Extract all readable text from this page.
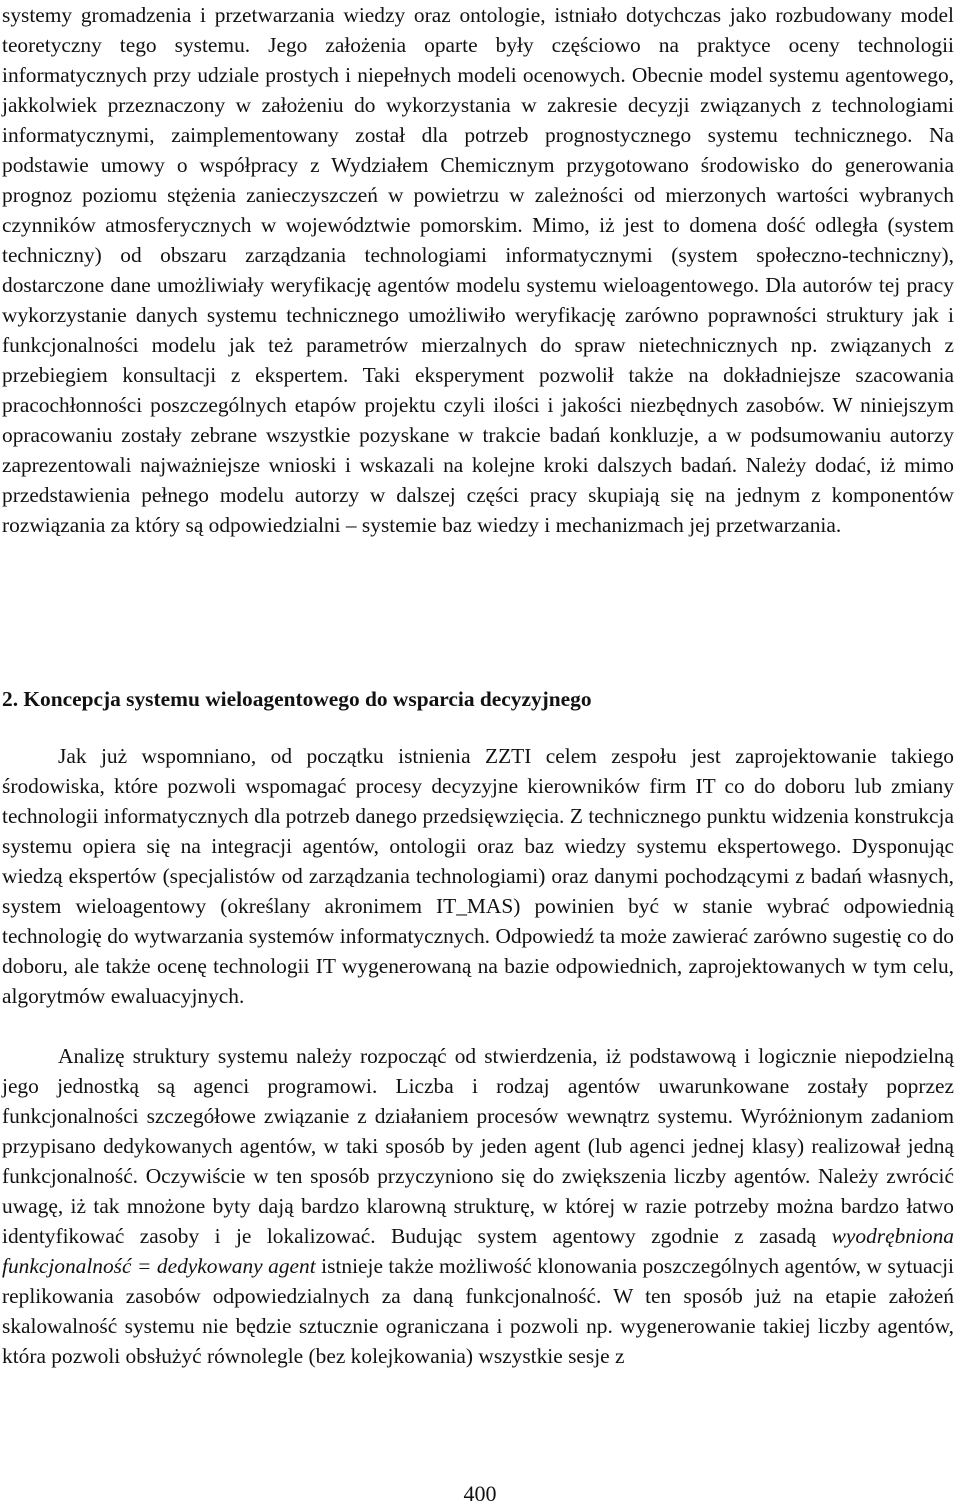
systemy gromadzenia i przetwarzania wiedzy oraz ontologie, istniało dotychczas jako rozbudowany model teoretyczny tego systemu. Jego założenia oparte były częściowo na praktyce oceny technologii informatycznych przy udziale prostych i niepełnych modeli ocenowych. Obecnie model systemu agentowego, jakkolwiek przeznaczony w założeniu do wykorzystania w zakresie decyzji związanych z technologiami informatycznymi, zaimplementowany został dla potrzeb prognostycznego systemu technicznego. Na podstawie umowy o współpracy z Wydziałem Chemicznym przygotowano środowisko do generowania prognoz poziomu stężenia zanieczyszczeń w powietrzu w zależności od mierzonych wartości wybranych czynników atmosferycznych w województwie pomorskim. Mimo, iż jest to domena dość odległa (system techniczny) od obszaru zarządzania technologiami informatycznymi (system społeczno-techniczny), dostarczone dane umożliwiały weryfikację agentów modelu systemu wieloagentowego. Dla autorów tej pracy wykorzystanie danych systemu technicznego umożliwiło weryfikację zarówno poprawności struktury jak i funkcjonalności modelu jak też parametrów mierzalnych do spraw nietechnicznych np. związanych z przebiegiem konsultacji z ekspertem. Taki eksperyment pozwolił także na dokładniejsze szacowania pracochłonności poszczególnych etapów projektu czyli ilości i jakości niezbędnych zasobów. W niniejszym opracowaniu zostały zebrane wszystkie pozyskane w trakcie badań konkluzje, a w podsumowaniu autorzy zaprezentowali najważniejsze wnioski i wskazali na kolejne kroki dalszych badań. Należy dodać, iż mimo przedstawienia pełnego modelu autorzy w dalszej części pracy skupiają się na jednym z komponentów rozwiązania za który są odpowiedzialni – systemie baz wiedzy i mechanizmach jej przetwarzania.

2. Koncepcja systemu wieloagentowego do wsparcia decyzyjnego

Jak już wspomniano, od początku istnienia ZZTI celem zespołu jest zaprojektowanie takiego środowiska, które pozwoli wspomagać procesy decyzyjne kierowników firm IT co do doboru lub zmiany technologii informatycznych dla potrzeb danego przedsięwzięcia. Z technicznego punktu widzenia konstrukcja systemu opiera się na integracji agentów, ontologii oraz baz wiedzy systemu ekspertowego. Dysponując wiedzą ekspertów (specjalistów od zarządzania technologiami) oraz danymi pochodzącymi z badań własnych, system wieloagentowy (określany akronimem IT_MAS) powinien być w stanie wybrać odpowiednią technologię do wytwarzania systemów informatycznych. Odpowiedź ta może zawierać zarówno sugestię co do doboru, ale także ocenę technologii IT wygenerowaną na bazie odpowiednich, zaprojektowanych w tym celu, algorytmów ewaluacyjnych.

Analizę struktury systemu należy rozpocząć od stwierdzenia, iż podstawową i logicznie niepodzielną jego jednostką są agenci programowi. Liczba i rodzaj agentów uwarunkowane zostały poprzez funkcjonalności szczegółowe związanie z działaniem procesów wewnątrz systemu. Wyróżnionym zadaniom przypisano dedykowanych agentów, w taki sposób by jeden agent (lub agenci jednej klasy) realizował jedną funkcjonalność. Oczywiście w ten sposób przyczyniono się do zwiększenia liczby agentów. Należy zwrócić uwagę, iż tak mnożone byty dają bardzo klarowną strukturę, w której w razie potrzeby można bardzo łatwo identyfikować zasoby i je lokalizować. Budując system agentowy zgodnie z zasadą wyodrębniona funkcjonalność = dedykowany agent istnieje także możliwość klonowania poszczególnych agentów, w sytuacji replikowania zasobów odpowiedzialnych za daną funkcjonalność. W ten sposób już na etapie założeń skalowalność systemu nie będzie sztucznie ograniczana i pozwoli np. wygenerowanie takiej liczby agentów, która pozwoli obsłużyć równolegle (bez kolejkowania) wszystkie sesje z

400
